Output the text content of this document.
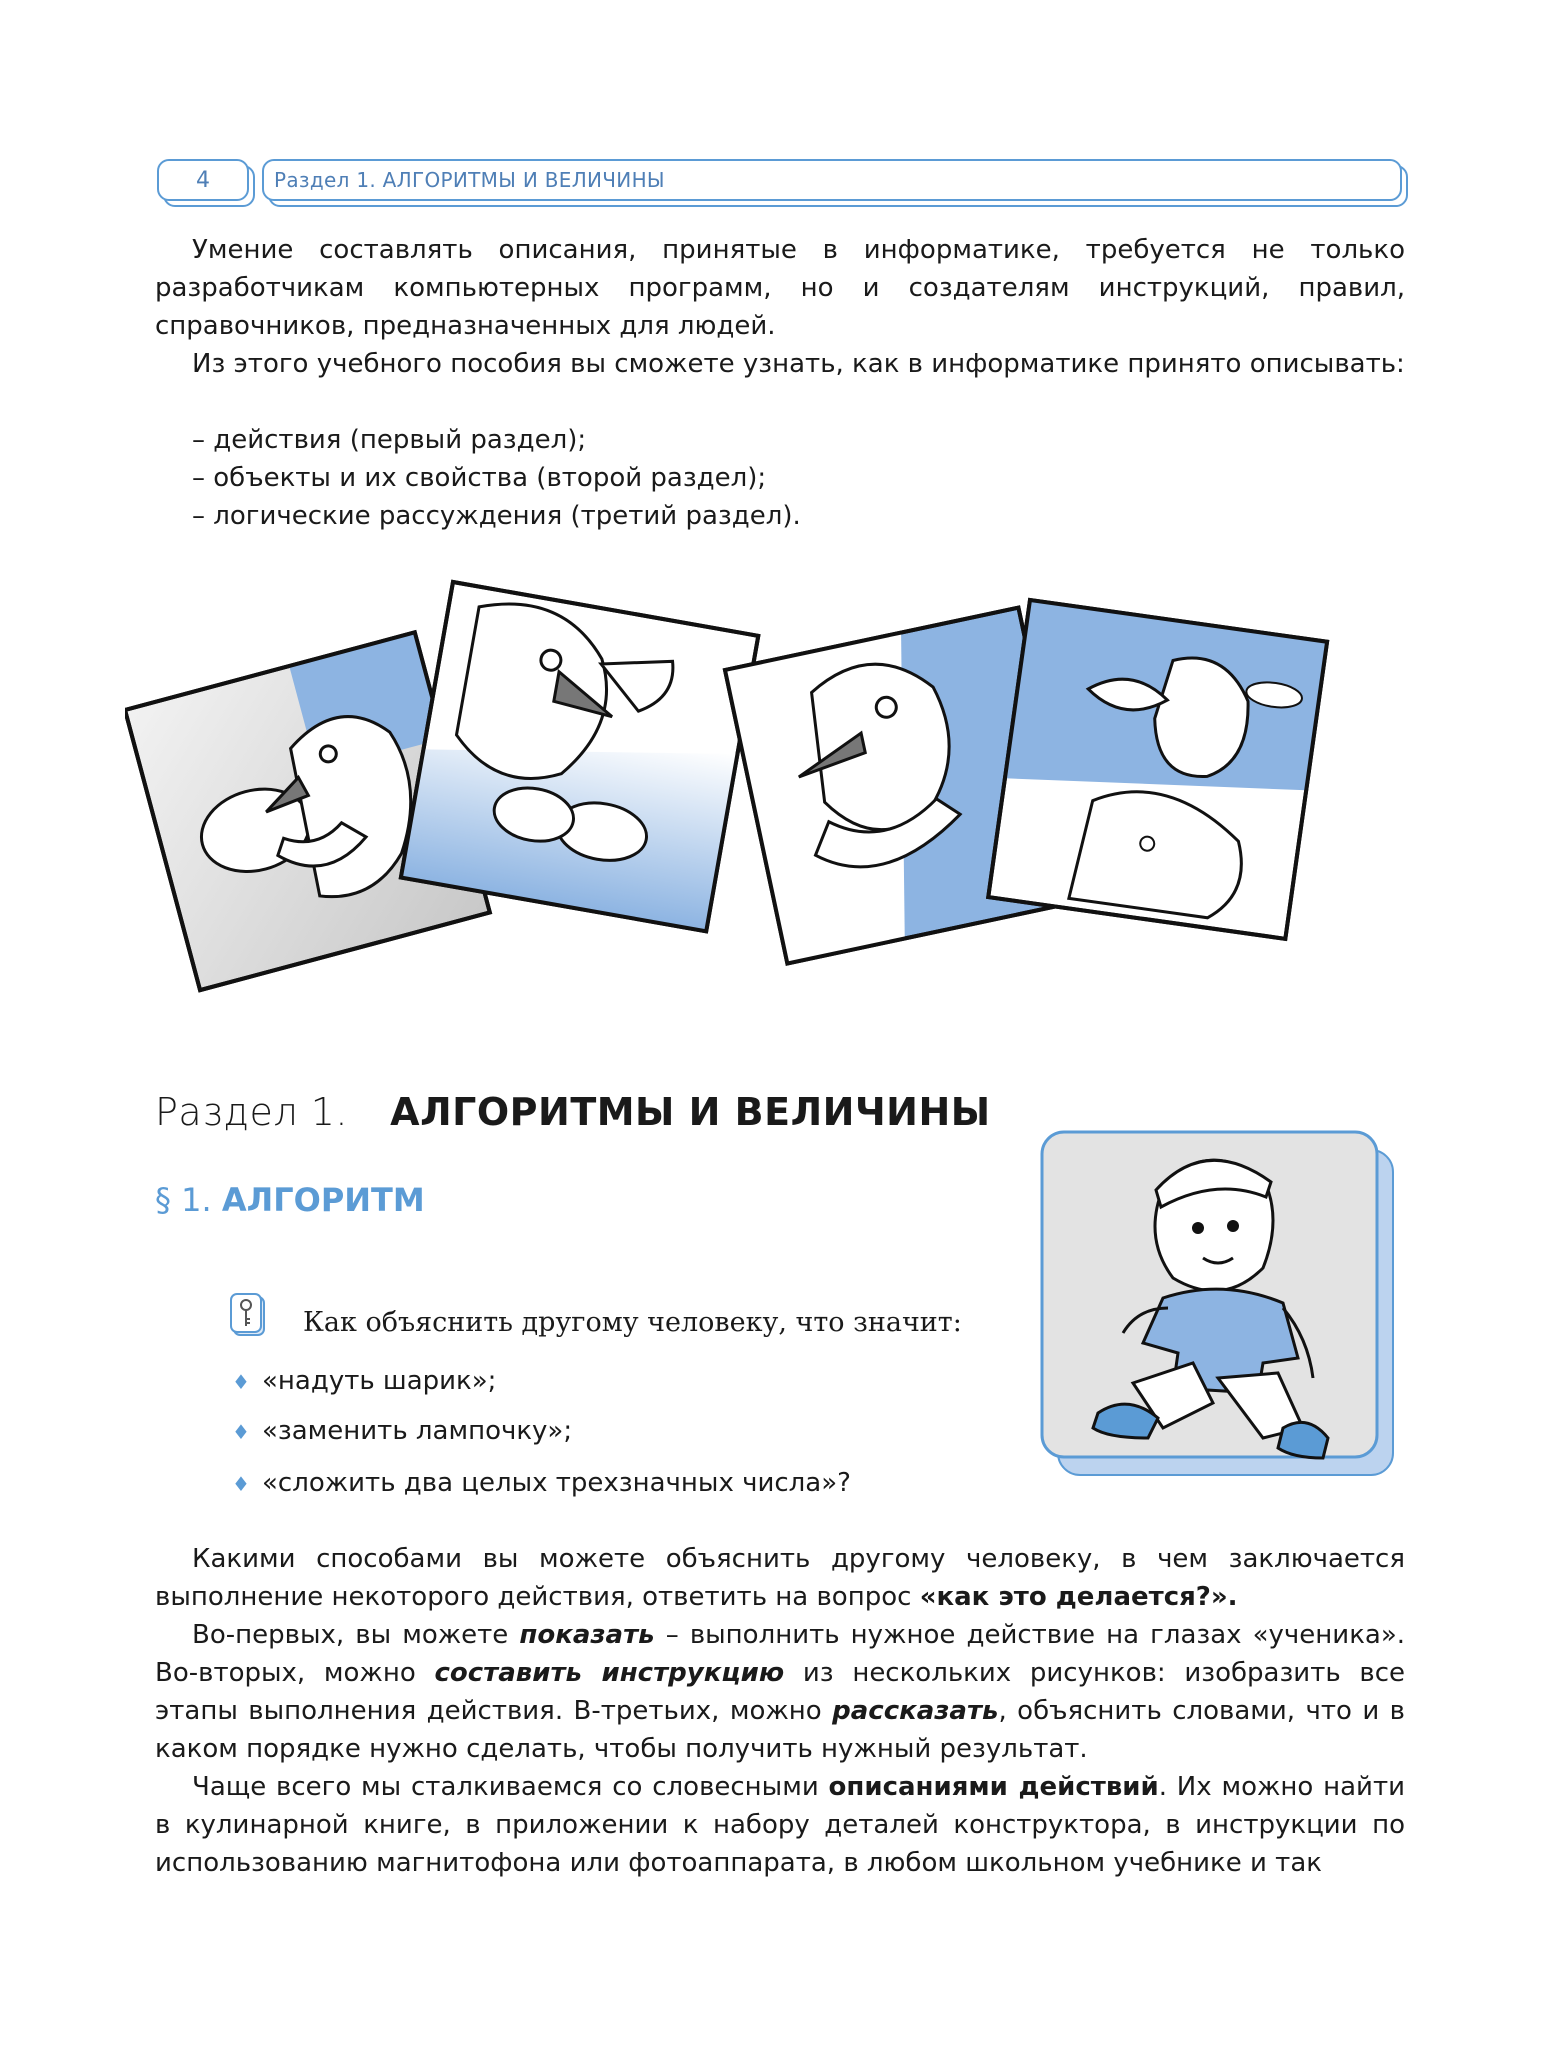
4	Раздел 1. АЛГОРИТМЫ И ВЕЛИЧИНЫ
Умение составлять описания, принятые в информатике, требуется не только разработчикам компьютерных программ, но и создателям инструкций, правил, справочников, предназначенных для людей.
Из этого учебного пособия вы сможете узнать, как в информатике принято описывать:
– действия (первый раздел);
– объекты и их свойства (второй раздел);
– логические рассуждения (третий раздел).
Раздел 1. АЛГОРИТМЫ И ВЕЛИЧИНЫ
§ 1. АЛГОРИТМ
Как объяснить другому человеку, что значит:
♦ «надуть шарик»;
♦ «заменить лампочку»;
♦ «сложить два целых трехзначных числа»?
Какими способами вы можете объяснить другому человеку, в чем заключается выполнение некоторого действия, ответить на вопрос «как это делается?».
Во-первых, вы можете показать – выполнить нужное действие на глазах «ученика». Во-вторых, можно составить инструкцию из нескольких рисунков: изобразить все этапы выполнения действия. В-третьих, можно рассказать, объяснить словами, что и в каком порядке нужно сделать, чтобы получить нужный результат.
Чаще всего мы сталкиваемся со словесными описаниями действий. Их можно найти в кулинарной книге, в приложении к набору деталей конструктора, в инструкции по использованию магнитофона или фотоаппарата, в любом школьном учебнике и так
